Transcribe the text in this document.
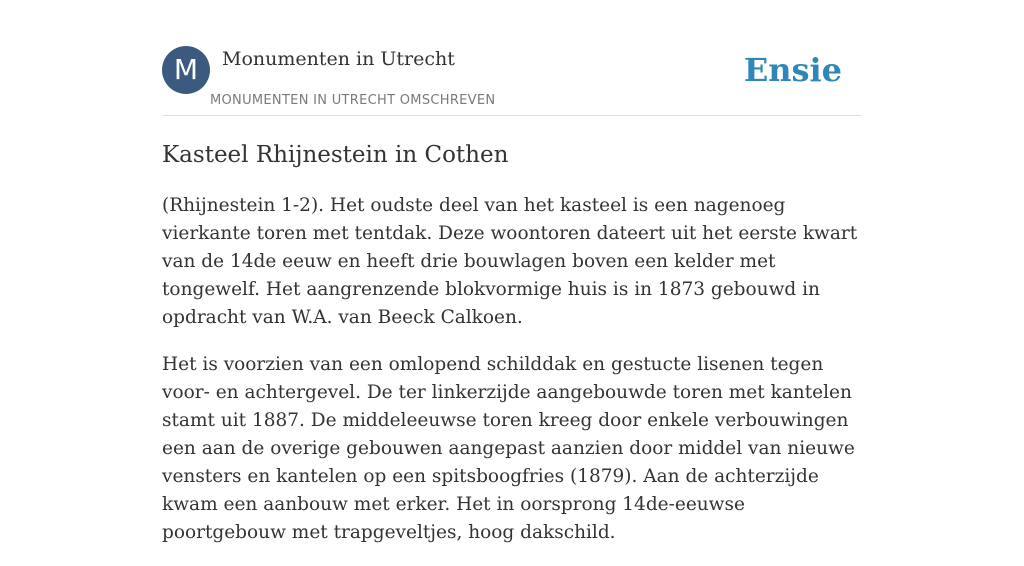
M	Monumenten in Utrecht
MONUMENTEN IN UTRECHT OMSCHREVEN
Ensie
Kasteel Rhijnestein in Cothen

(Rhijnestein 1-2). Het oudste deel van het kasteel is een nagenoeg vierkante toren met tentdak. Deze woontoren dateert uit het eerste kwart van de 14de eeuw en heeft drie bouwlagen boven een kelder met tongewelf. Het aangrenzende blokvormige huis is in 1873 gebouwd in opdracht van W.A. van Beeck Calkoen.

Het is voorzien van een omlopend schilddak en gestucte lisenen tegen voor- en achtergevel. De ter linkerzijde aangebouwde toren met kantelen stamt uit 1887. De middeleeuwse toren kreeg door enkele verbouwingen een aan de overige gebouwen aangepast aanzien door middel van nieuwe vensters en kantelen op een spitsboogfries (1879). Aan de achterzijde kwam een aanbouw met erker. Het in oorsprong 14de-eeuwse poortgebouw met trapgeveltjes, hoog dakschild.
